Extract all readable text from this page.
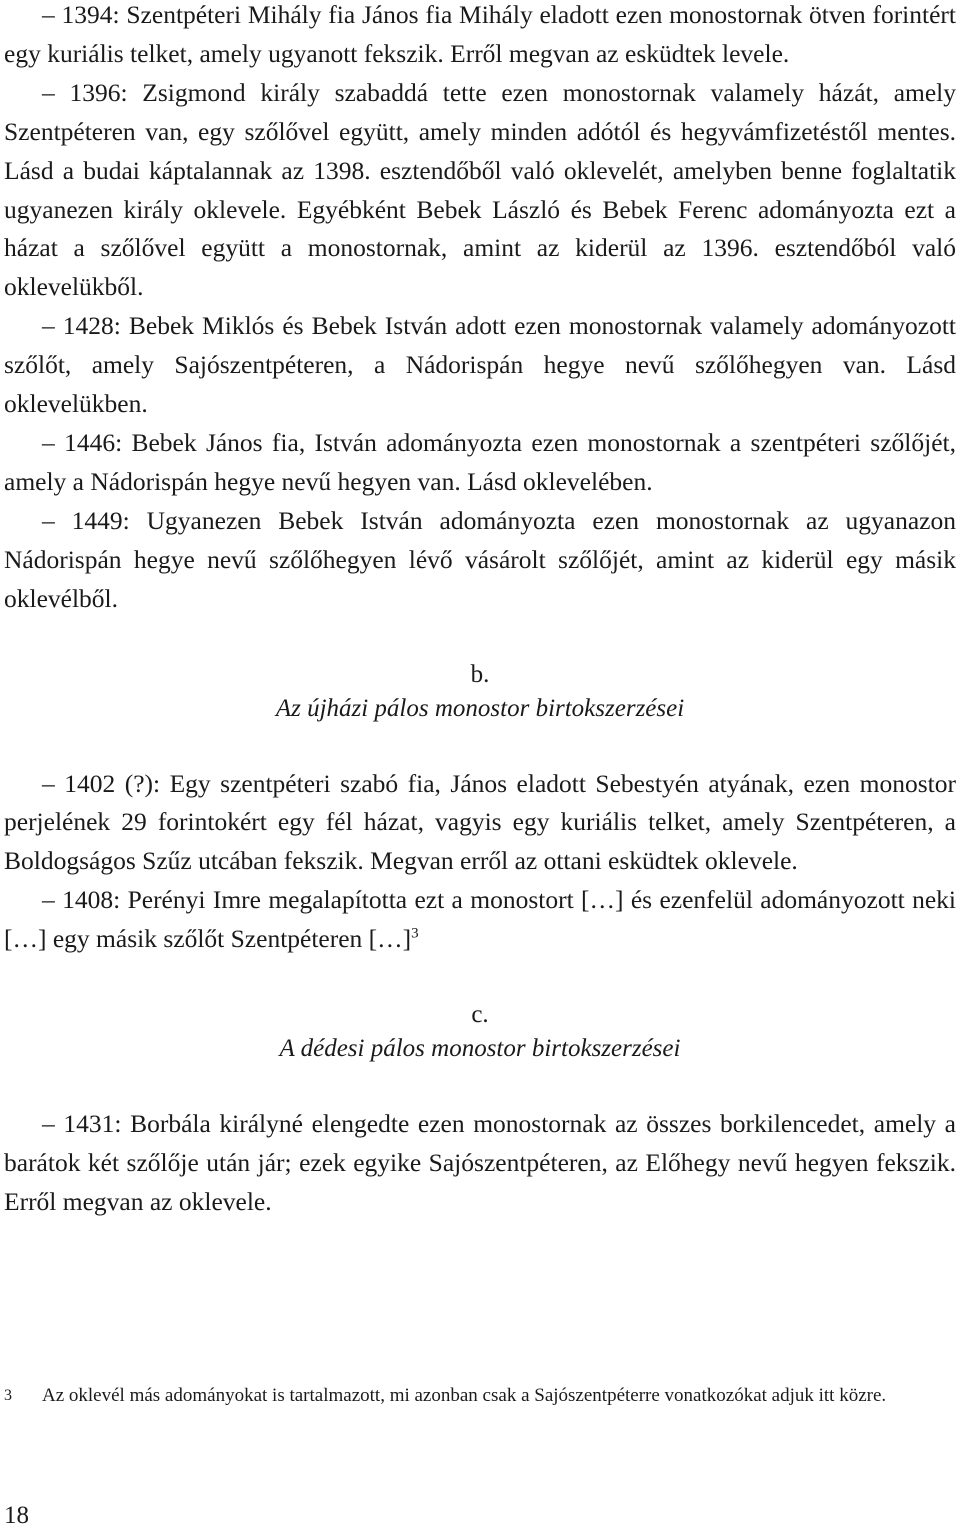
– 1394: Szentpéteri Mihály fia János fia Mihály eladott ezen monostornak ötven forintért egy kuriális telket, amely ugyanott fekszik. Erről megvan az esküdtek levele.

– 1396: Zsigmond király szabaddá tette ezen monostornak valamely házát, amely Szentpéteren van, egy szőlővel együtt, amely minden adótól és hegyvámfizetéstől mentes. Lásd a budai káptalannak az 1398. esztendőből való oklevelét, amelyben benne foglaltatik ugyanezen király oklevele. Egyébként Bebek László és Bebek Ferenc adományozta ezt a házat a szőlővel együtt a monostornak, amint az kiderül az 1396. esztendőból való oklevelükből.

– 1428: Bebek Miklós és Bebek István adott ezen monostornak valamely adományozott szőlőt, amely Sajószentpéteren, a Nádorispán hegye nevű szőlőhegyen van. Lásd oklevelükben.

– 1446: Bebek János fia, István adományozta ezen monostornak a szentpéteri szőlőjét, amely a Nádorispán hegye nevű hegyen van. Lásd oklevelében.

– 1449: Ugyanezen Bebek István adományozta ezen monostornak az ugyanazon Nádorispán hegye nevű szőlőhegyen lévő vásárolt szőlőjét, amint az kiderül egy másik oklevélből.

b.

Az újházi pálos monostor birtokszerzései

– 1402 (?): Egy szentpéteri szabó fia, János eladott Sebestyén atyának, ezen monostor perjelének 29 forintokért egy fél házat, vagyis egy kuriális telket, amely Szentpéteren, a Boldogságos Szűz utcában fekszik. Megvan erről az ottani esküdtek oklevele.

– 1408: Perényi Imre megalapította ezt a monostort […] és ezenfelül adományozott neki […] egy másik szőlőt Szentpéteren […]$^3$

c.

A dédesi pálos monostor birtokszerzései

– 1431: Borbála királyné elengedte ezen monostornak az összes borkilencedet, amely a barátok két szőlője után jár; ezek egyike Sajószentpéteren, az Előhegy nevű hegyen fekszik. Erről megvan az oklevele.

3 Az oklevél más adományokat is tartalmazott, mi azonban csak a Sajószentpéterre vonatkozókat adjuk itt közre.
18
